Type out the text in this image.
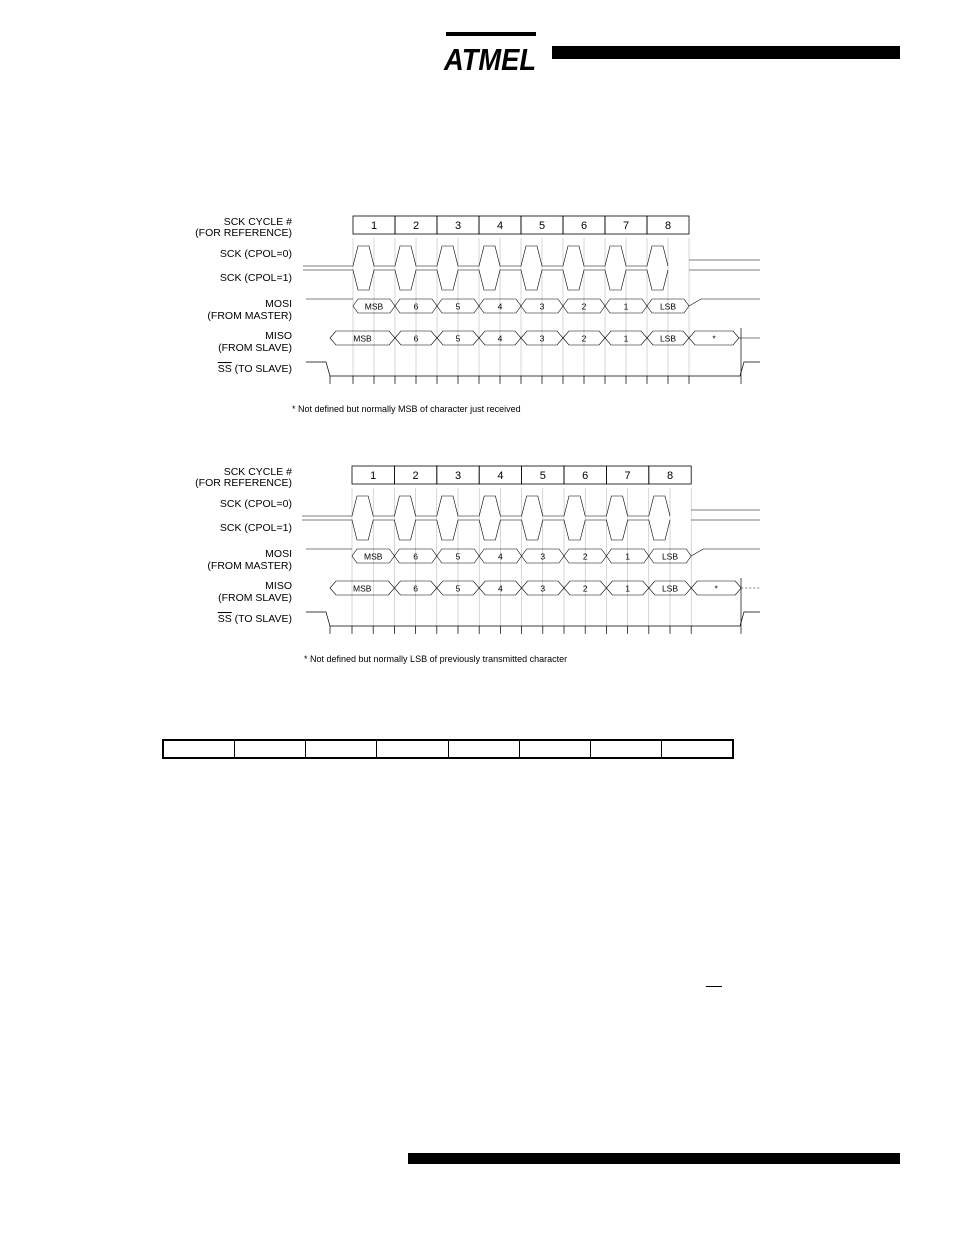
ATMEL
SCK CYCLE #
(FOR REFERENCE)
SCK (CPOL=0)
SCK (CPOL=1)
MOSI
(FROM MASTER)
MISO
(FROM SLAVE)
SS (TO SLAVE)
1	2	3	4	5	6	7	8
MSB	6	5	4	3	2	1	LSB
MSB	6	5	4	3	2	1	LSB	*
* Not defined but normally MSB of character just received
SCK CYCLE #
(FOR REFERENCE)
SCK (CPOL=0)
SCK (CPOL=1)
MOSI
(FROM MASTER)
MISO
(FROM SLAVE)
SS (TO SLAVE)
1	2	3	4	5	6	7	8
MSB	6	5	4	3	2	1	LSB
MSB	6	5	4	3	2	1	LSB	*
* Not defined but normally LSB of previously transmitted character
